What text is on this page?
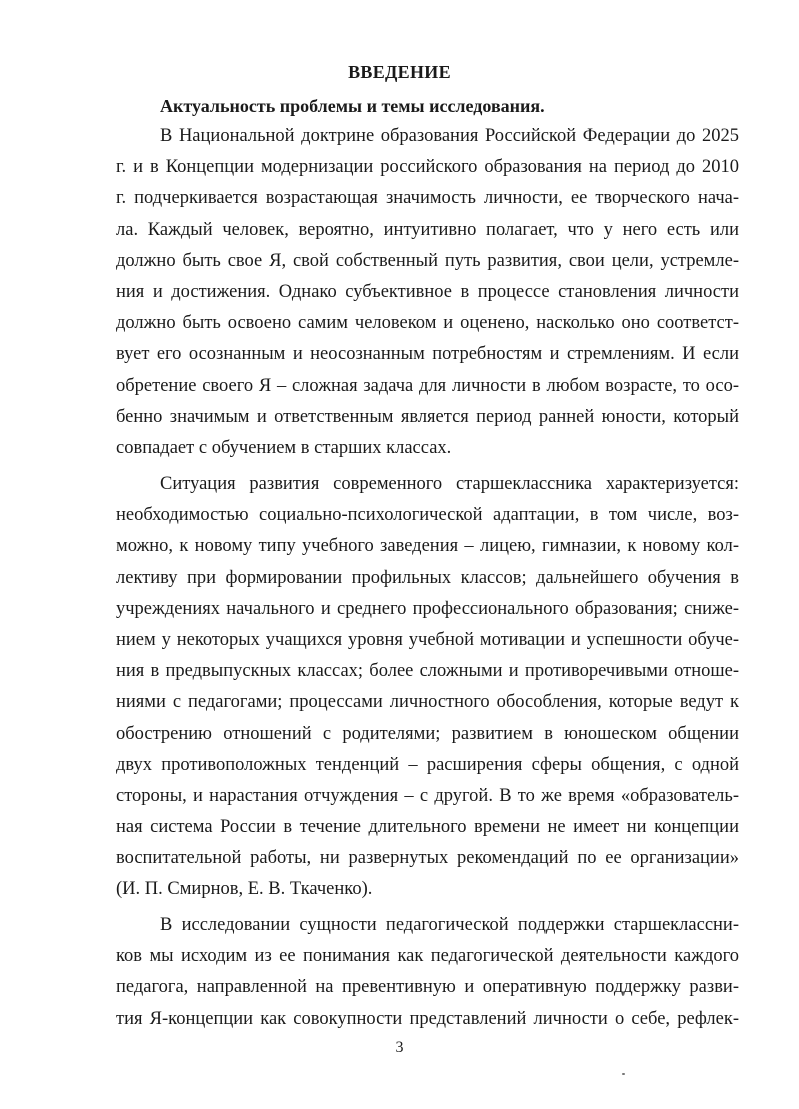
ВВЕДЕНИЕ
Актуальность проблемы и темы исследования.
В Национальной доктрине образования Российской Федерации до 2025
г. и в Концепции модернизации российского образования на период до 2010
г. подчеркивается возрастающая значимость личности, ее творческого нача-
ла. Каждый человек, вероятно, интуитивно полагает, что у него есть или
должно быть свое Я, свой собственный путь развития, свои цели, устремле-
ния и достижения. Однако субъективное в процессе становления личности
должно быть освоено самим человеком и оценено, насколько оно соответст-
вует его осознанным и неосознанным потребностям и стремлениям. И если
обретение своего Я – сложная задача для личности в любом возрасте, то осо-
бенно значимым и ответственным является период ранней юности, который
совпадает с обучением в старших классах.
Ситуация развития современного старшеклассника характеризуется:
необходимостью социально-психологической адаптации, в том числе, воз-
можно, к новому типу учебного заведения – лицею, гимназии, к новому кол-
лективу при формировании профильных классов; дальнейшего обучения в
учреждениях начального и среднего профессионального образования; сниже-
нием у некоторых учащихся уровня учебной мотивации и успешности обуче-
ния в предвыпускных классах; более сложными и противоречивыми отноше-
ниями с педагогами; процессами личностного обособления, которые ведут к
обострению отношений с родителями; развитием в юношеском общении
двух противоположных тенденций – расширения сферы общения, с одной
стороны, и нарастания отчуждения – с другой. В то же время «образователь-
ная система России в течение длительного времени не имеет ни концепции
воспитательной работы, ни развернутых рекомендаций по ее организации»
(И. П. Смирнов, Е. В. Ткаченко).
В исследовании сущности педагогической поддержки старшеклассни-
ков мы исходим из ее понимания как педагогической деятельности каждого
педагога, направленной на превентивную и оперативную поддержку разви-
тия Я-концепции как совокупности представлений личности о себе, рефлек-
3
